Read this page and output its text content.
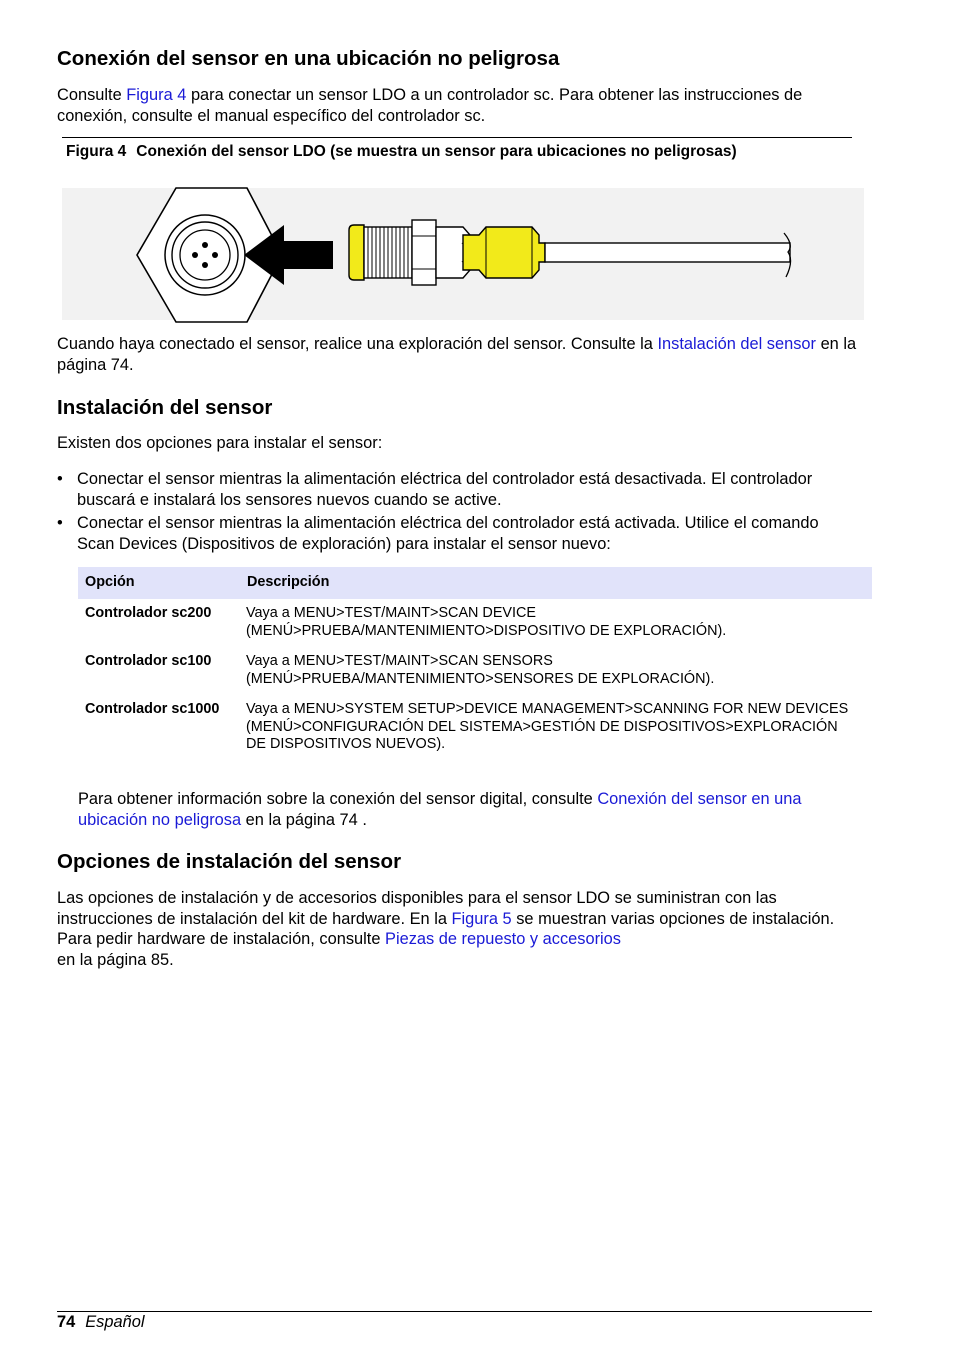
Conexión del sensor en una ubicación no peligrosa

Consulte Figura 4 para conectar un sensor LDO a un controlador sc. Para obtener las instrucciones de conexión, consulte el manual específico del controlador sc.

Figura 4 Conexión del sensor LDO (se muestra un sensor para ubicaciones no peligrosas)

Cuando haya conectado el sensor, realice una exploración del sensor. Consulte la Instalación del sensor en la página 74.

Instalación del sensor

Existen dos opciones para instalar el sensor:

• Conectar el sensor mientras la alimentación eléctrica del controlador está desactivada. El controlador buscará e instalará los sensores nuevos cuando se active.
• Conectar el sensor mientras la alimentación eléctrica del controlador está activada. Utilice el comando Scan Devices (Dispositivos de exploración) para instalar el sensor nuevo:
Opción	Descripción
Controlador sc200	Vaya a MENU>TEST/MAINT>SCAN DEVICE (MENÚ>PRUEBA/MANTENIMIENTO>DISPOSITIVO DE EXPLORACIÓN).
Controlador sc100	Vaya a MENU>TEST/MAINT>SCAN SENSORS (MENÚ>PRUEBA/MANTENIMIENTO>SENSORES DE EXPLORACIÓN).
Controlador sc1000	Vaya a MENU>SYSTEM SETUP>DEVICE MANAGEMENT>SCANNING FOR NEW DEVICES (MENÚ>CONFIGURACIÓN DEL SISTEMA>GESTIÓN DE DISPOSITIVOS>EXPLORACIÓN DE DISPOSITIVOS NUEVOS).

Para obtener información sobre la conexión del sensor digital, consulte Conexión del sensor en una ubicación no peligrosa en la página 74 .

Opciones de instalación del sensor

Las opciones de instalación y de accesorios disponibles para el sensor LDO se suministran con las instrucciones de instalación del kit de hardware. En la Figura 5 se muestran varias opciones de instalación. Para pedir hardware de instalación, consulte Piezas de repuesto y accesorios
en la página 85.

74 Español
